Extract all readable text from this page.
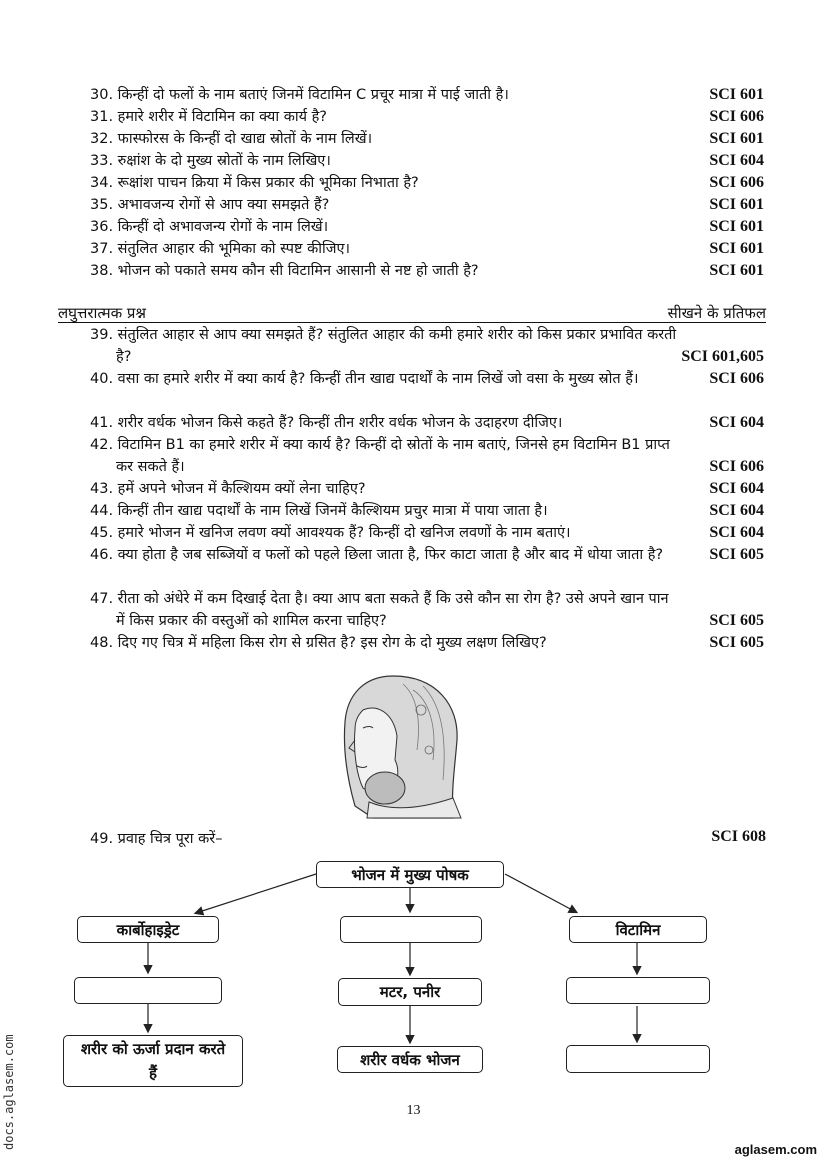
30. किन्हीं दो फलों के नाम बताएं जिनमें विटामिन C प्रचूर मात्रा में पाई जाती है।	SCI 601
31. हमारे शरीर में विटामिन का क्या कार्य है?	SCI 606
32. फास्फोरस के किन्हीं दो खाद्य स्रोतों के नाम लिखें।	SCI 601
33. रुक्षांश के दो मुख्य स्रोतों के नाम लिखिए।	SCI 604
34. रूक्षांश पाचन क्रिया में किस प्रकार की भूमिका निभाता है?	SCI 606
35. अभावजन्य रोगों से आप क्या समझते हैं?	SCI 601
36. किन्हीं दो अभावजन्य रोगों के नाम लिखें।	SCI 601
37. संतुलित आहार की भूमिका को स्पष्ट कीजिए।	SCI 601
38. भोजन को पकाते समय कौन सी विटामिन आसानी से नष्ट हो जाती है?	SCI 601
लघुत्तरात्मक प्रश्न	सीखने के प्रतिफल
39. संतुलित आहार से आप क्या समझते हैं? संतुलित आहार की कमी हमारे शरीर को किस प्रकार प्रभावित करती है?	SCI 601,605
40. वसा का हमारे शरीर में क्या कार्य है? किन्हीं तीन खाद्य पदार्थों के नाम लिखें जो वसा के मुख्य स्रोत हैं।	SCI 606
41. शरीर वर्धक भोजन किसे कहते हैं? किन्हीं तीन शरीर वर्धक भोजन के उदाहरण दीजिए।	SCI 604
42. विटामिन B1 का हमारे शरीर में क्या कार्य है? किन्हीं दो स्रोतों के नाम बताएं, जिनसे हम विटामिन B1 प्राप्त कर सकते हैं।	SCI 606
43. हमें अपने भोजन में कैल्शियम क्यों लेना चाहिए?	SCI 604
44. किन्हीं तीन खाद्य पदार्थों के नाम लिखें जिनमें कैल्शियम प्रचुर मात्रा में पाया जाता है।	SCI 604
45. हमारे भोजन में खनिज लवण क्यों आवश्यक हैं? किन्हीं दो खनिज लवणों के नाम बताएं।	SCI 604
46. क्या होता है जब सब्जियों व फलों को पहले छिला जाता है, फिर काटा जाता है और बाद में धोया जाता है?	SCI 605
47. रीता को अंधेरे में कम दिखाई देता है। क्या आप बता सकते हैं कि उसे कौन सा रोग है? उसे अपने खान पान में किस प्रकार की वस्तुओं को शामिल करना चाहिए?	SCI 605
48. दिए गए चित्र में महिला किस रोग से ग्रसित है? इस रोग के दो मुख्य लक्षण लिखिए?	SCI 605
49. प्रवाह चित्र पूरा करें–	SCI 608
भोजन में मुख्य पोषक
कार्बोहाइड्रेट
शरीर को ऊर्जा प्रदान करते हैं
मटर, पनीर
शरीर वर्धक भोजन
विटामिन
13
docs.aglasem.com	aglasem.com
